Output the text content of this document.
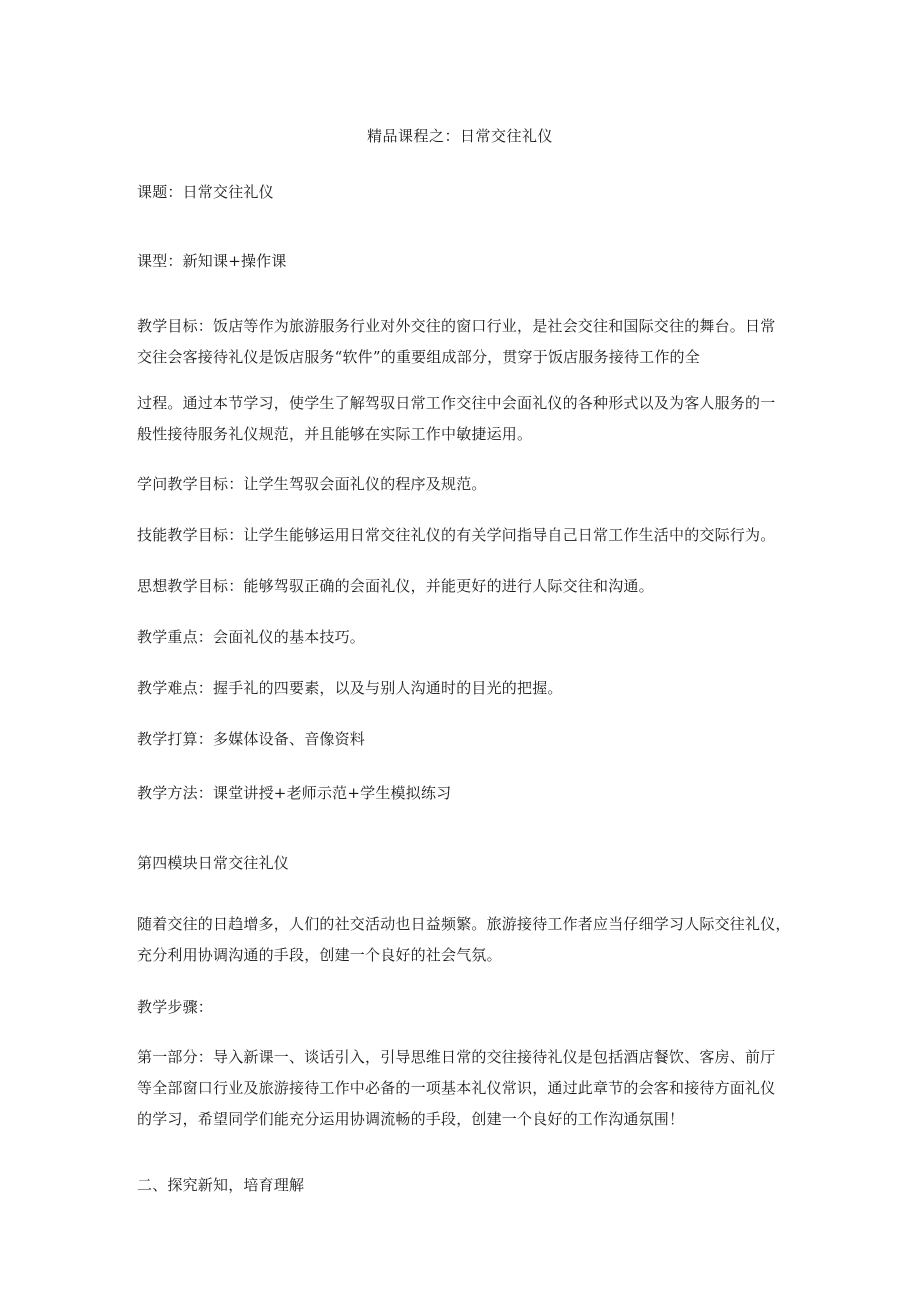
精品课程之：日常交往礼仪
课题：日常交往礼仪
课型：新知课+操作课
教学目标：饭店等作为旅游服务行业对外交往的窗口行业，是社会交往和国际交往的舞台。日常
交往会客接待礼仪是饭店服务“软件”的重要组成部分，贯穿于饭店服务接待工作的全
过程。通过本节学习，使学生了解驾驭日常工作交往中会面礼仪的各种形式以及为客人服务的一
般性接待服务礼仪规范，并且能够在实际工作中敏捷运用。
学问教学目标：让学生驾驭会面礼仪的程序及规范。
技能教学目标：让学生能够运用日常交往礼仪的有关学问指导自己日常工作生活中的交际行为。
思想教学目标：能够驾驭正确的会面礼仪，并能更好的进行人际交往和沟通。
教学重点：会面礼仪的基本技巧。
教学难点：握手礼的四要素，以及与别人沟通时的目光的把握。
教学打算：多媒体设备、音像资料
教学方法：课堂讲授+老师示范+学生模拟练习
第四模块日常交往礼仪
随着交往的日趋增多，人们的社交活动也日益频繁。旅游接待工作者应当仔细学习人际交往礼仪，
充分利用协调沟通的手段，创建一个良好的社会气氛。
教学步骤：
第一部分：导入新课一、谈话引入，引导思维日常的交往接待礼仪是包括酒店餐饮、客房、前厅
等全部窗口行业及旅游接待工作中必备的一项基本礼仪常识，通过此章节的会客和接待方面礼仪
的学习，希望同学们能充分运用协调流畅的手段，创建一个良好的工作沟通氛围！
二、探究新知，培育理解
